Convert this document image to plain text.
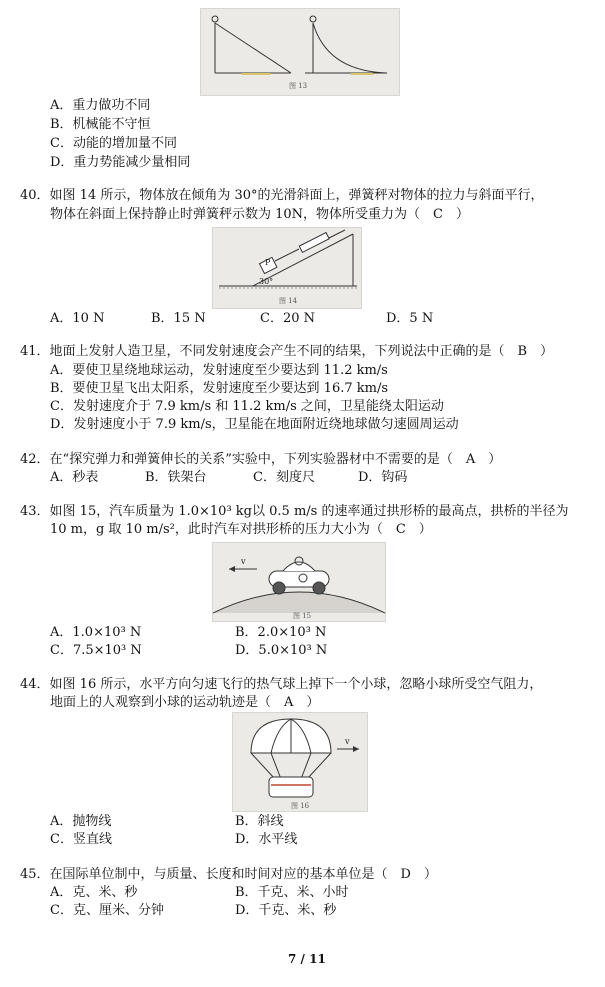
图 13
A．重力做功不同
B．机械能不守恒
C．动能的增加量不同
D．重力势能减少量相同
40．如图 14 所示，物体放在倾角为 30°的光滑斜面上，弹簧秤对物体的拉力与斜面平行，
物体在斜面上保持静止时弹簧秤示数为 10N，物体所受重力为（　C　）
P
30°
图 14
A．10 N	B．15 N	C．20 N	D．5 N
41．地面上发射人造卫星，不同发射速度会产生不同的结果，下列说法中正确的是（　B　）
A．要使卫星绕地球运动，发射速度至少要达到 11.2 km/s
B．要使卫星飞出太阳系，发射速度至少要达到 16.7 km/s
C．发射速度介于 7.9 km/s 和 11.2 km/s 之间，卫星能绕太阳运动
D．发射速度小于 7.9 km/s，卫星能在地面附近绕地球做匀速圆周运动
42．在“探究弹力和弹簧伸长的关系”实验中，下列实验器材中不需要的是（　A　）
A．秒表	B．铁架台	C．刻度尺	D．钩码
43．如图 15，汽车质量为 1.0×10³ kg以 0.5 m/s 的速率通过拱形桥的最高点，拱桥的半径为
10 m，g 取 10 m/s²，此时汽车对拱形桥的压力大小为（　C　）
v
图 15
A．1.0×10³ N	B．2.0×10³ N
C．7.5×10³ N	D．5.0×10³ N
44．如图 16 所示，水平方向匀速飞行的热气球上掉下一个小球，忽略小球所受空气阻力，
地面上的人观察到小球的运动轨迹是（　A　）
v
图 16
A．抛物线	B．斜线
C．竖直线	D．水平线
45．在国际单位制中，与质量、长度和时间对应的基本单位是（　D　）
A．克、米、秒	B．千克、米、小时
C．克、厘米、分钟	D．千克、米、秒
7 / 11
